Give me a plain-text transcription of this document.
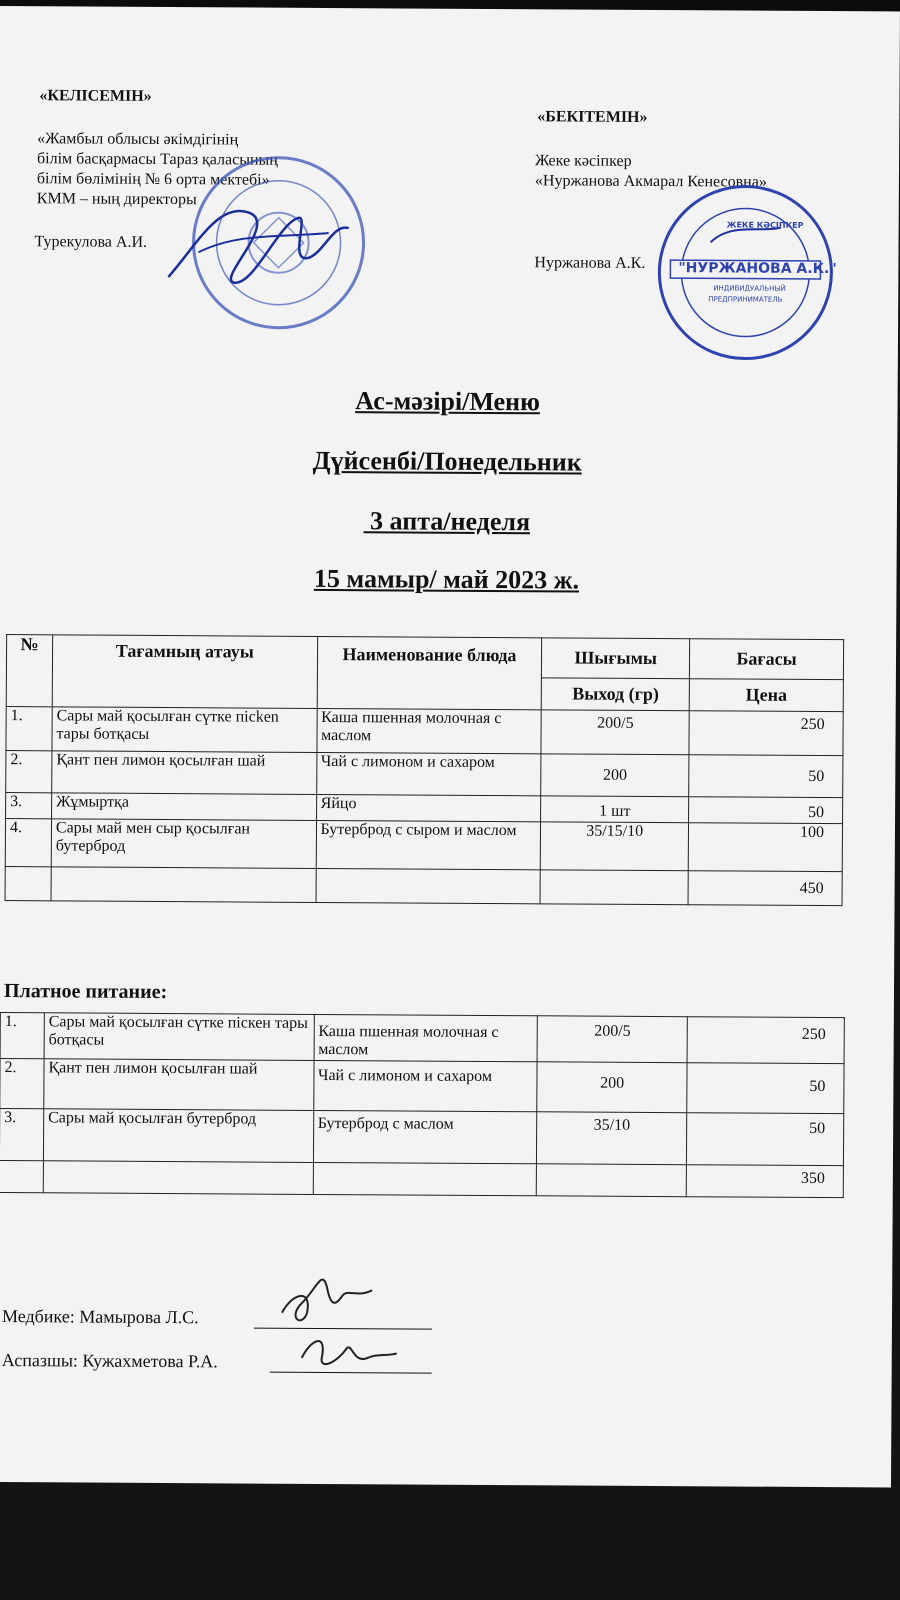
«КЕЛІСЕМІН»
«Жамбыл облысы әкімдігінің
білім басқармасы Тараз қаласының
білім бөлімінің № 6 орта мектебі»
КММ – ның директоры
Турекулова А.И.
«БЕКІТЕМІН»
Жеке кәсіпкер
«Нуржанова Акмарал Кенесовна»
Нуржанова А.К.
ЖЕКЕ КӘСІПКЕР
"НУРЖАНОВА А.К."
ИНДИВИДУАЛЬНЫЙ
ПРЕДПРИНИМАТЕЛЬ
Ас-мәзірі/Меню
Дүйсенбі/Понедельник
3 апта/неделя
15 мамыр/ май 2023 ж.
№	Тағамның атауы	Наименование блюда	Шығымы	Бағасы
			Выход (гр)	Цена
1.	Сары май қосылған сүтке пісken тары ботқасы	Каша пшенная молочная с маслом	200/5	250
2.	Қант пен лимон қосылған шай	Чай с лимоном и сахаром	200	50
3.	Жұмыртқа	Яйцо	1 шт	50
4.	Сары май мен сыр қосылған бутерброд	Бутерброд с сыром и маслом	35/15/10	100
				450
Платное питание:
1.	Сары май қосылған сүтке піскен тары ботқасы	Каша пшенная молочная с маслом	200/5	250
2.	Қант пен лимон қосылған шай	Чай с лимоном и сахаром	200	50
3.	Сары май қосылған бутерброд	Бутерброд с маслом	35/10	50
				350
Медбике: Мамырова Л.С.
Аспазшы: Кужахметова Р.А.
